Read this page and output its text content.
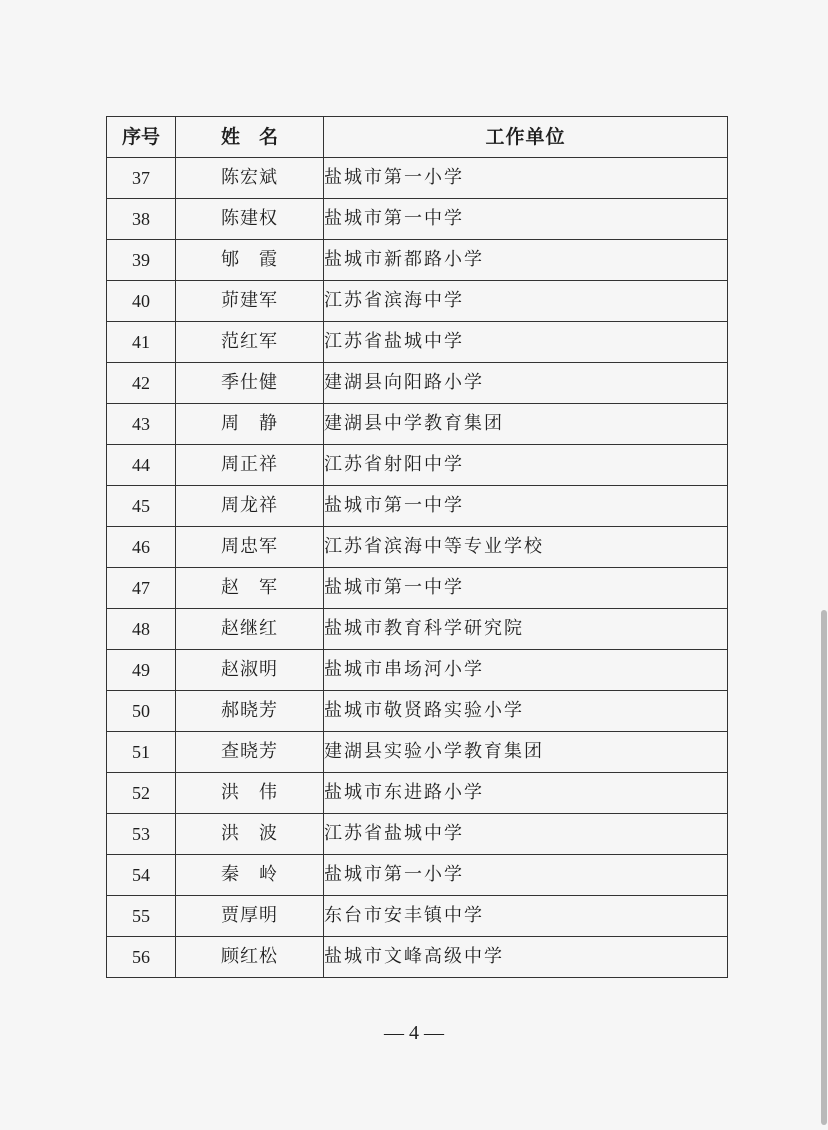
序号	姓　名	工作单位
37	陈宏斌	盐城市第一小学
38	陈建权	盐城市第一中学
39	郇　霞	盐城市新都路小学
40	茆建军	江苏省滨海中学
41	范红军	江苏省盐城中学
42	季仕健	建湖县向阳路小学
43	周　静	建湖县中学教育集团
44	周正祥	江苏省射阳中学
45	周龙祥	盐城市第一中学
46	周忠军	江苏省滨海中等专业学校
47	赵　军	盐城市第一中学
48	赵继红	盐城市教育科学研究院
49	赵淑明	盐城市串场河小学
50	郝晓芳	盐城市敬贤路实验小学
51	查晓芳	建湖县实验小学教育集团
52	洪　伟	盐城市东进路小学
53	洪　波	江苏省盐城中学
54	秦　岭	盐城市第一小学
55	贾厚明	东台市安丰镇中学
56	顾红松	盐城市文峰高级中学
— 4 —
